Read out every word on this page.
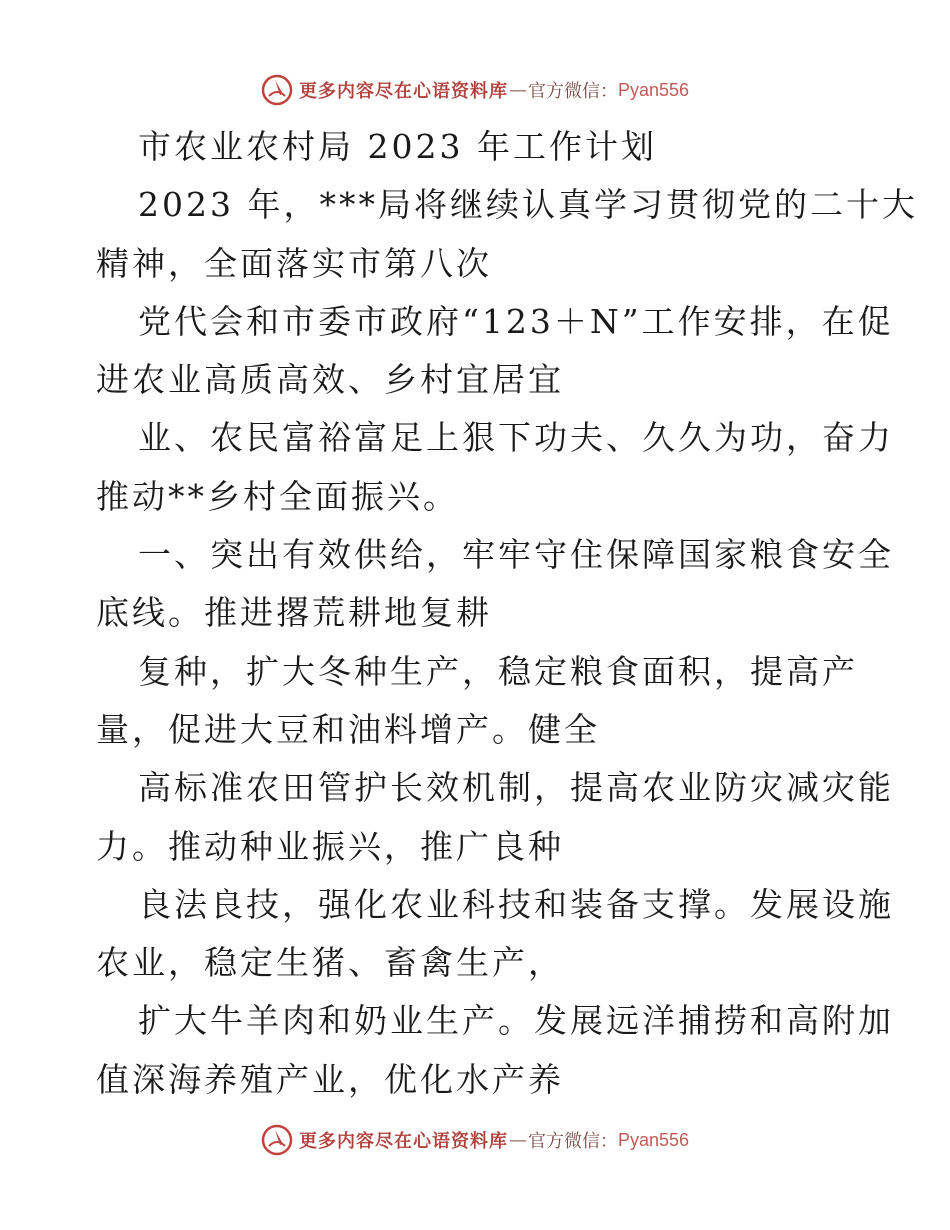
更多内容尽在心语资料库 — 官方微信： Pyan556
市农业农村局 2023 年工作计划
2023 年，***局将继续认真学习贯彻党的二十大
精神，全面落实市第八次
党代会和市委市政府“123＋N”工作安排，在促
进农业高质高效、乡村宜居宜
业、农民富裕富足上狠下功夫、久久为功，奋力
推动**乡村全面振兴。
一、突出有效供给，牢牢守住保障国家粮食安全
底线。推进撂荒耕地复耕
复种，扩大冬种生产，稳定粮食面积，提高产
量，促进大豆和油料增产。健全
高标准农田管护长效机制，提高农业防灾减灾能
力。推动种业振兴，推广良种
良法良技，强化农业科技和装备支撑。发展设施
农业，稳定生猪、畜禽生产，
扩大牛羊肉和奶业生产。发展远洋捕捞和高附加
值深海养殖产业，优化水产养
更多内容尽在心语资料库 — 官方微信： Pyan556
